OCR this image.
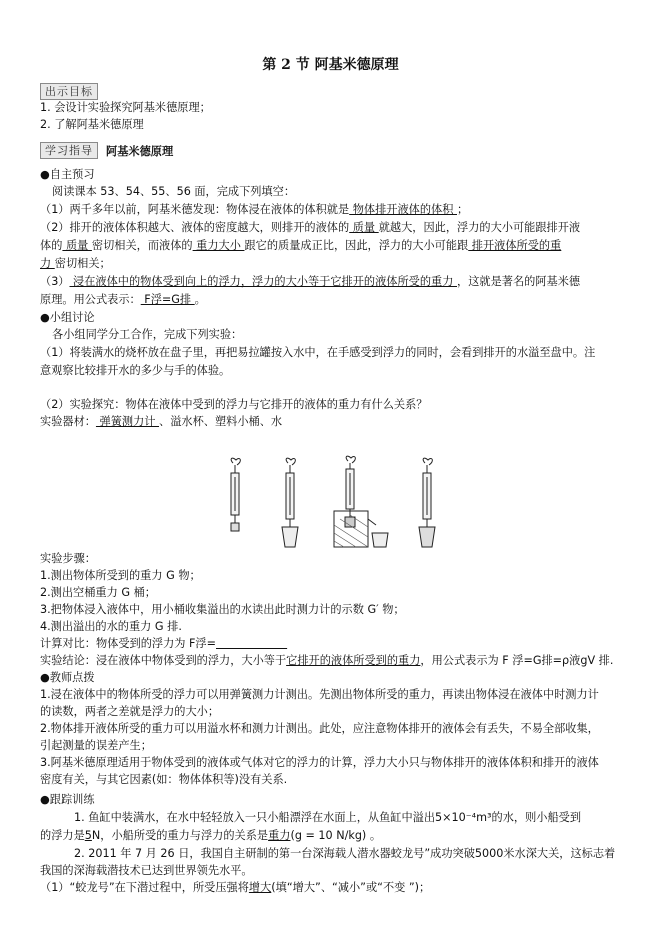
第 2 节 阿基米德原理
出示目标
1. 会设计实验探究阿基米德原理；
2. 了解阿基米德原理
学习指导	阿基米德原理
●自主预习
阅读课本 53、54、55、56 面，完成下列填空：
（1）两千多年以前，阿基米德发现：物体浸在液体的体积就是 物体排开液体的体积 ；
（2）排开的液体体积越大、液体的密度越大，则排开的液体的 质量 就越大，因此，浮力的大小可能跟排开液
体的 质量 密切相关，而液体的 重力大小 跟它的质量成正比，因此，浮力的大小可能跟 排开液体所受的重
力 密切相关；
（3） 浸在液体中的物体受到向上的浮力，浮力的大小等于它排开的液体所受的重力 ，这就是著名的阿基米德
原理。用公式表示： F浮=G排 。
●小组讨论
各小组同学分工合作，完成下列实验：
（1）将装满水的烧杯放在盘子里，再把易拉罐按入水中，在手感受到浮力的同时，会看到排开的水溢至盘中。注
意观察比较排开水的多少与手的体验。
（2）实验探究：物体在液体中受到的浮力与它排开的液体的重力有什么关系？
实验器材： 弹簧测力计 、溢水杯、塑料小桶、水
实验步骤：
1.测出物体所受到的重力 G 物；
2.测出空桶重力 G 桶；
3.把物体浸入液体中，用小桶收集溢出的水读出此时测力计的示数 G′ 物；
4.测出溢出的水的重力 G 排.
计算对比：物体受到的浮力为 F浮=
实验结论：浸在液体中物体受到的浮力，大小等于它排开的液体所受到的重力，用公式表示为 F 浮=G排=ρ液gV 排.
●教师点拨
1.浸在液体中的物体所受的浮力可以用弹簧测力计测出。先测出物体所受的重力，再读出物体浸在液体中时测力计
的读数，两者之差就是浮力的大小；
2.物体排开液体所受的重力可以用溢水杯和测力计测出。此处，应注意物体排开的液体会有丢失，不易全部收集，
引起测量的误差产生；
3.阿基米德原理适用于物体受到的液体或气体对它的浮力的计算，浮力大小只与物体排开的液体体积和排开的液体
密度有关，与其它因素(如：物体体积等)没有关系.
●跟踪训练
1. 鱼缸中装满水，在水中轻轻放入一只小船漂浮在水面上，从鱼缸中溢出5×10⁻⁴m³的水，则小船受到
的浮力是5N，小船所受的重力与浮力的关系是重力(g = 10 N/kg) 。
2. 2011 年 7 月 26 日，我国自主研制的第一台深海载人潜水器蛟龙号”成功突破5000米水深大关，这标志着
我国的深海载潜技术已达到世界领先水平。
（1）“蛟龙号”在下潜过程中，所受压强将增大(填“增大”、“减小”或“不变 ”)；
